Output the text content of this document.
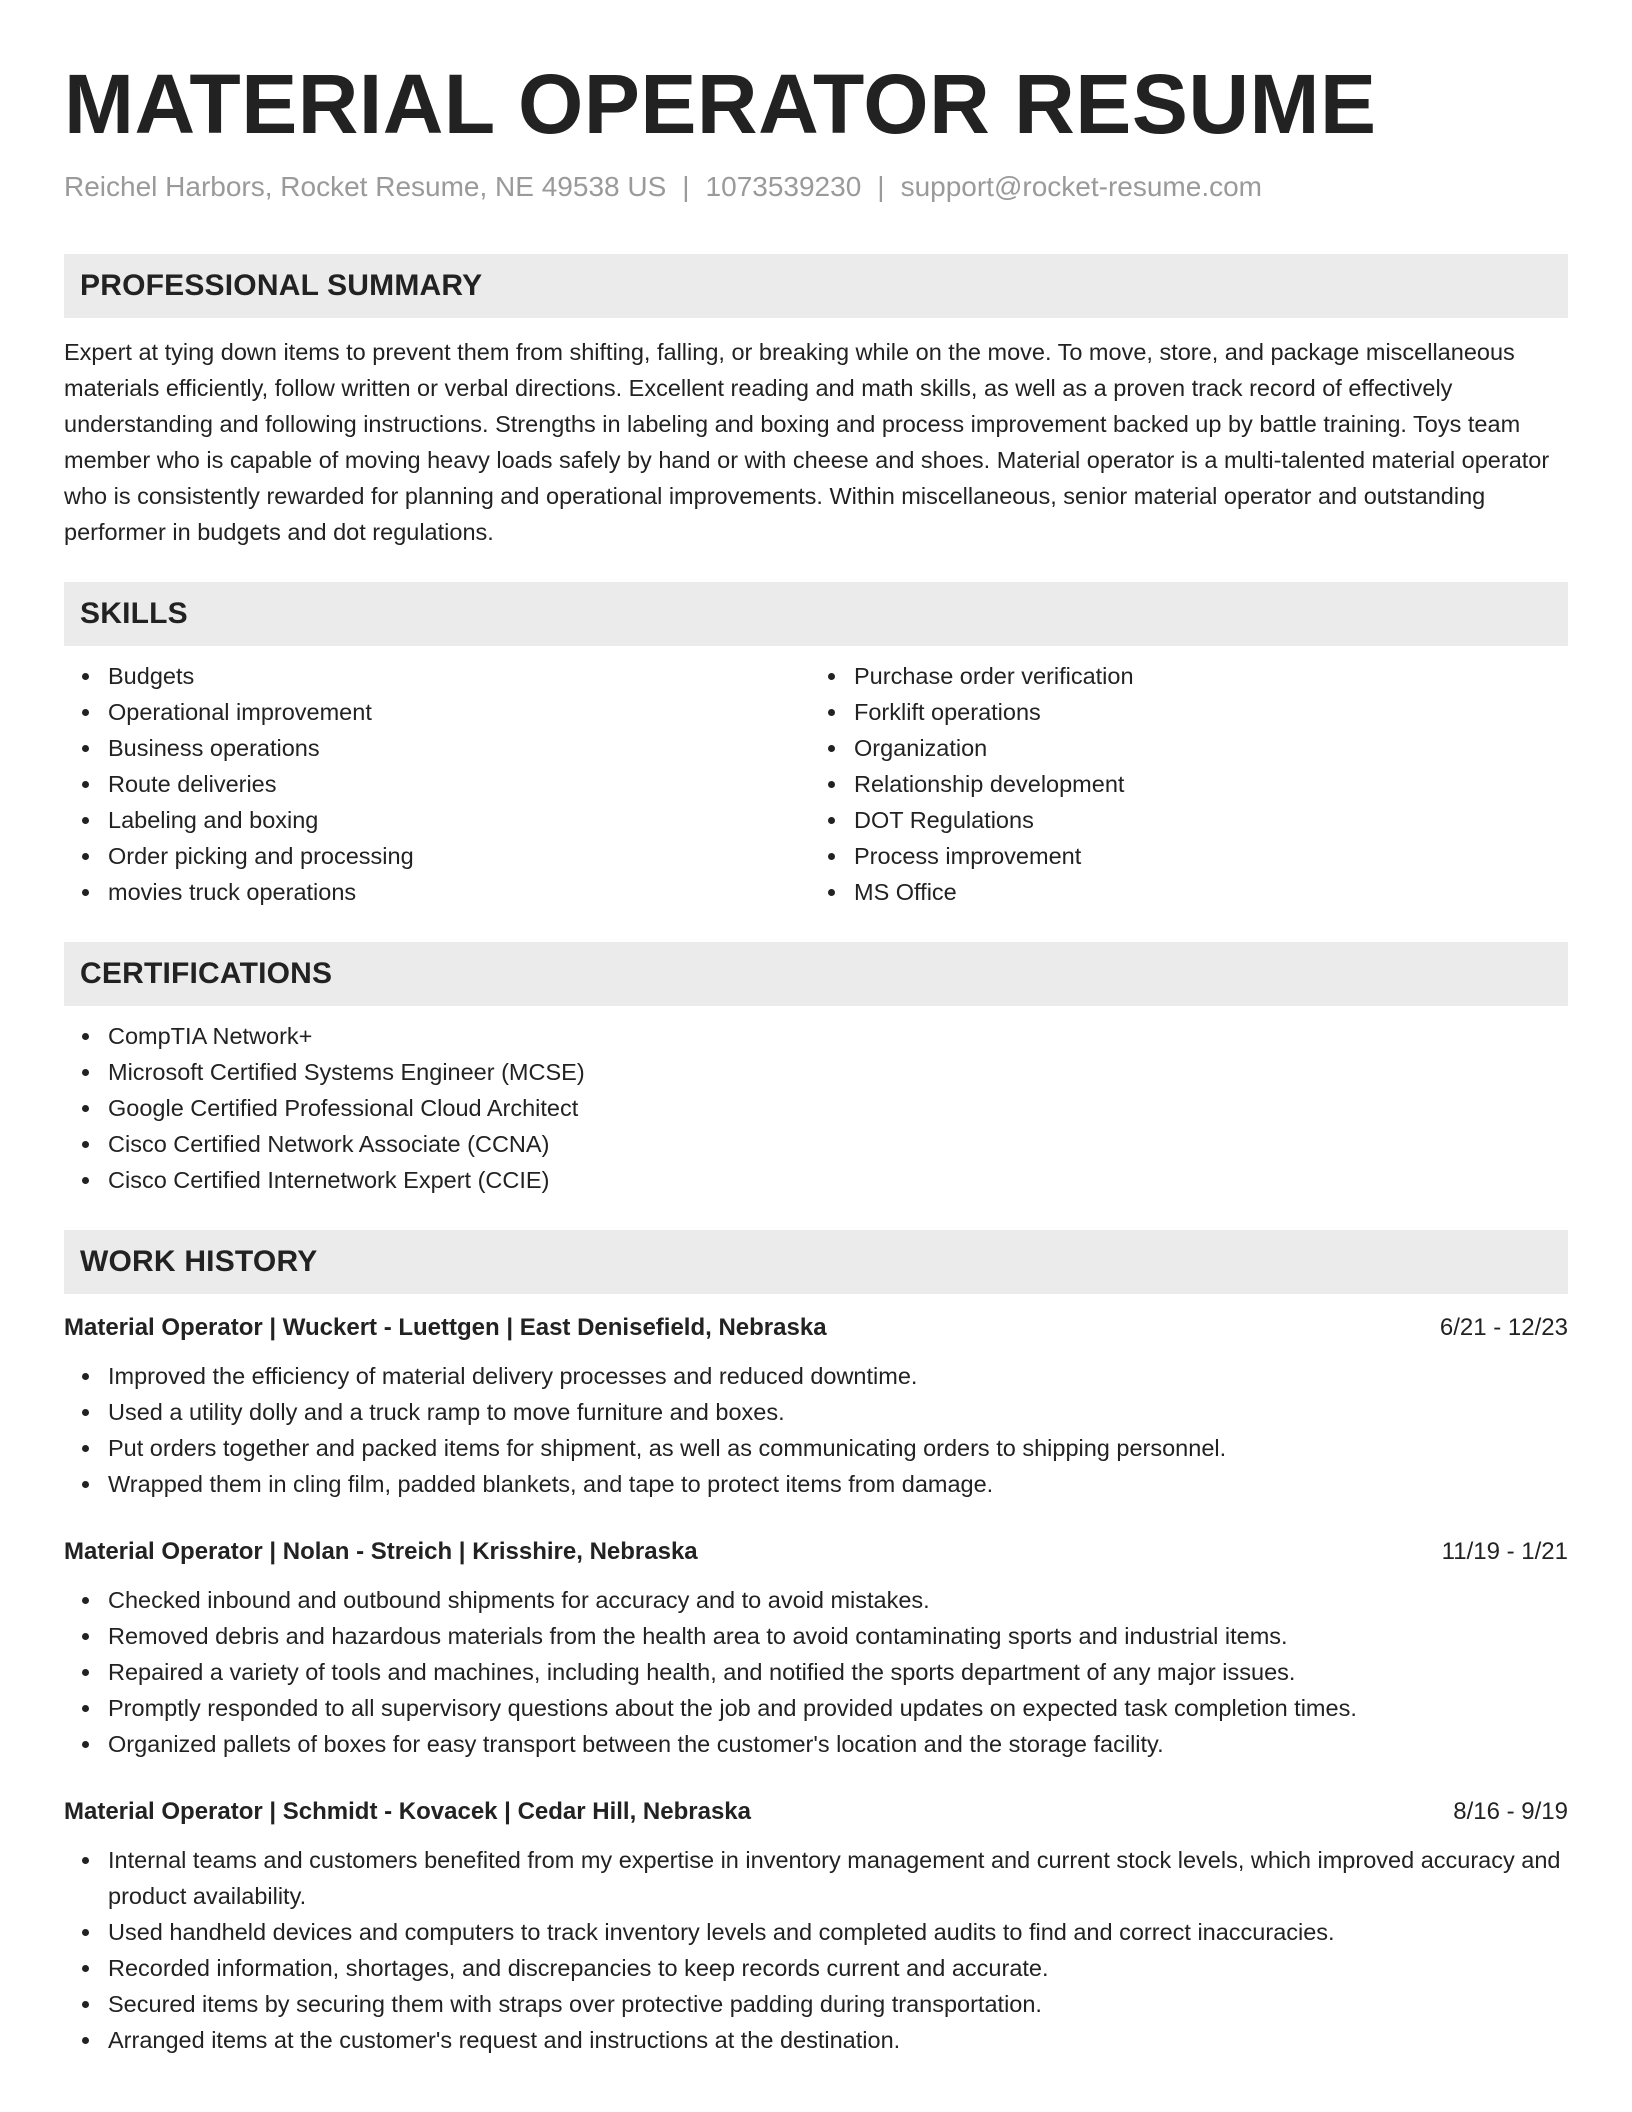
MATERIAL OPERATOR RESUME
Reichel Harbors, Rocket Resume, NE 49538 US | 1073539230 | support@rocket-resume.com
PROFESSIONAL SUMMARY

Expert at tying down items to prevent them from shifting, falling, or breaking while on the move. To move, store, and package miscellaneous materials efficiently, follow written or verbal directions. Excellent reading and math skills, as well as a proven track record of effectively understanding and following instructions. Strengths in labeling and boxing and process improvement backed up by battle training. Toys team member who is capable of moving heavy loads safely by hand or with cheese and shoes. Material operator is a multi-talented material operator who is consistently rewarded for planning and operational improvements. Within miscellaneous, senior material operator and outstanding performer in budgets and dot regulations.

SKILLS
Budgets
Operational improvement
Business operations
Route deliveries
Labeling and boxing
Order picking and processing
movies truck operations
Purchase order verification
Forklift operations
Organization
Relationship development
DOT Regulations
Process improvement
MS Office
CERTIFICATIONS
CompTIA Network+
Microsoft Certified Systems Engineer (MCSE)
Google Certified Professional Cloud Architect
Cisco Certified Network Associate (CCNA)
Cisco Certified Internetwork Expert (CCIE)
WORK HISTORY
Material Operator | Wuckert - Luettgen | East Denisefield, Nebraska	6/21 - 12/23
Improved the efficiency of material delivery processes and reduced downtime.
Used a utility dolly and a truck ramp to move furniture and boxes.
Put orders together and packed items for shipment, as well as communicating orders to shipping personnel.
Wrapped them in cling film, padded blankets, and tape to protect items from damage.
Material Operator | Nolan - Streich | Krisshire, Nebraska	11/19 - 1/21
Checked inbound and outbound shipments for accuracy and to avoid mistakes.
Removed debris and hazardous materials from the health area to avoid contaminating sports and industrial items.
Repaired a variety of tools and machines, including health, and notified the sports department of any major issues.
Promptly responded to all supervisory questions about the job and provided updates on expected task completion times.
Organized pallets of boxes for easy transport between the customer's location and the storage facility.
Material Operator | Schmidt - Kovacek | Cedar Hill, Nebraska	8/16 - 9/19
Internal teams and customers benefited from my expertise in inventory management and current stock levels, which improved accuracy and product availability.
Used handheld devices and computers to track inventory levels and completed audits to find and correct inaccuracies.
Recorded information, shortages, and discrepancies to keep records current and accurate.
Secured items by securing them with straps over protective padding during transportation.
Arranged items at the customer's request and instructions at the destination.
